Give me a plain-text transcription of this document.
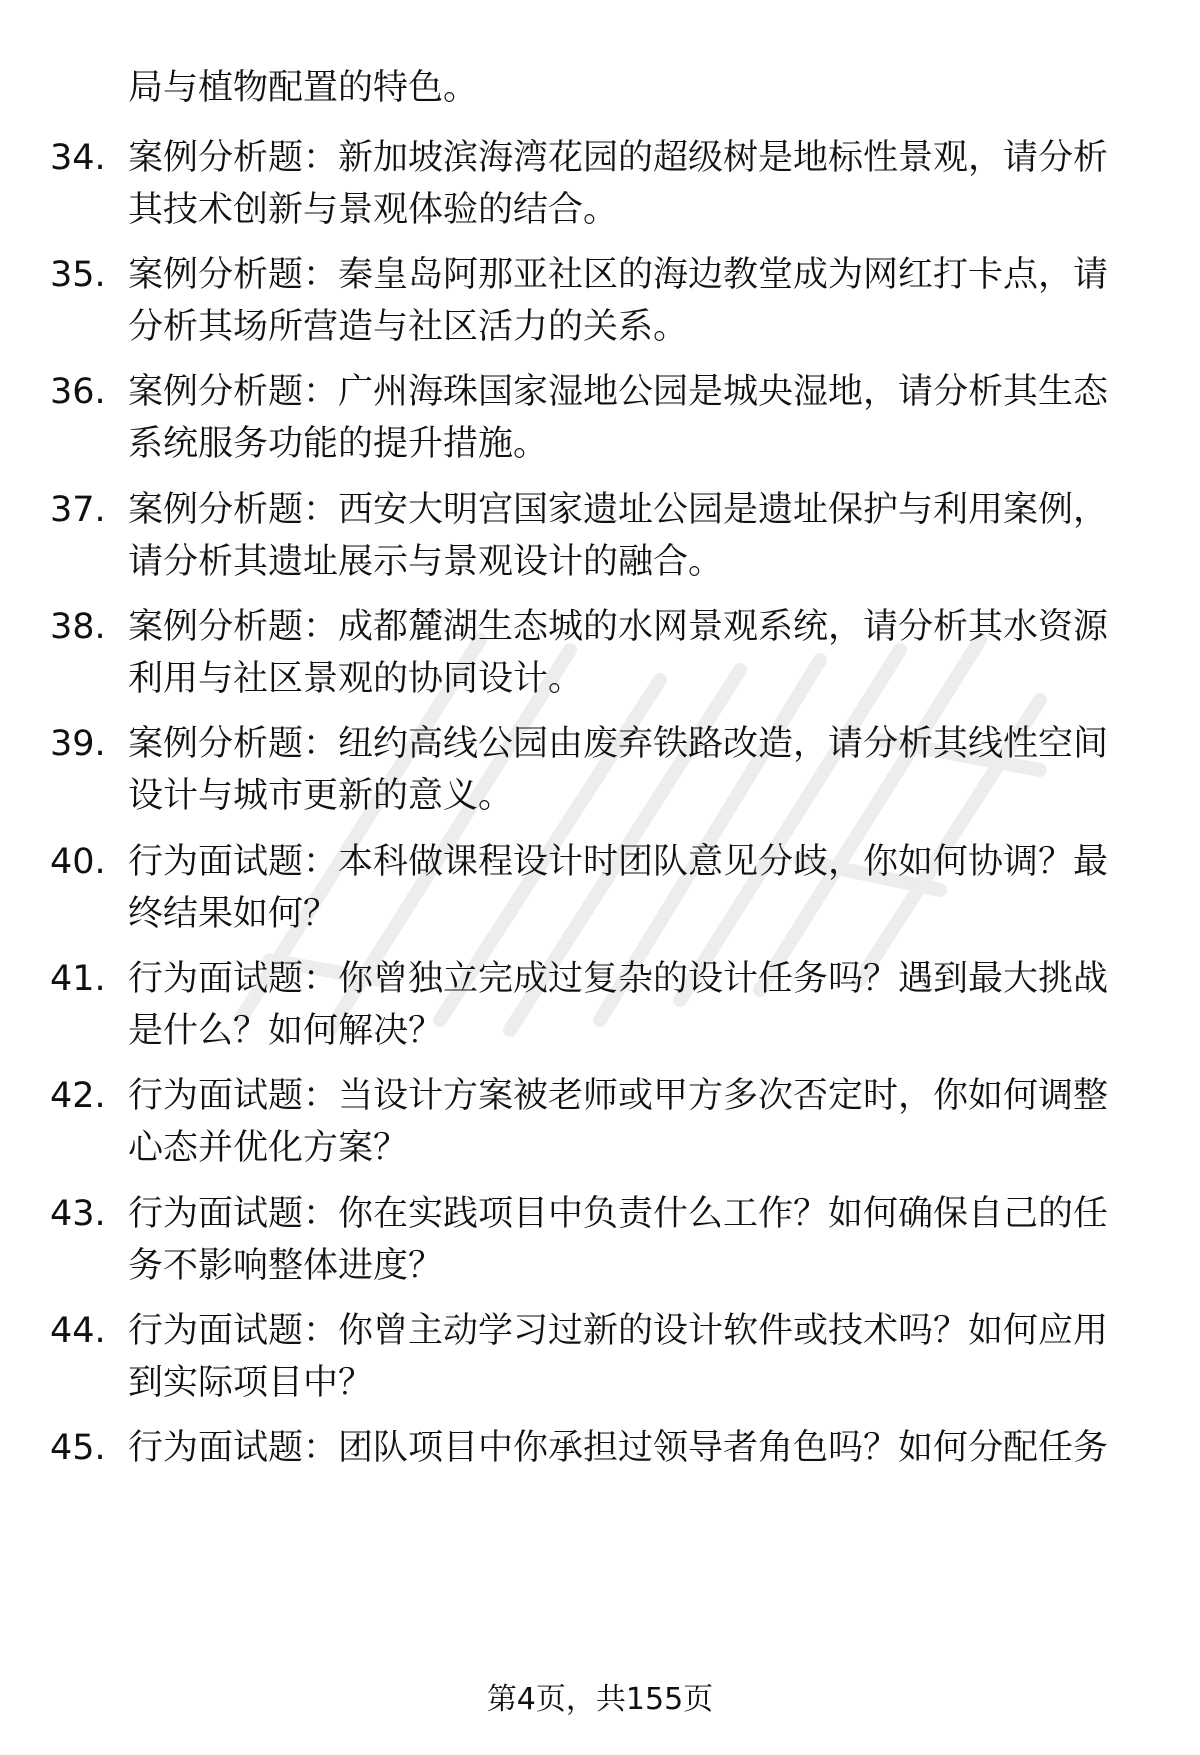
局与植物配置的特色。

34. 案例分析题：新加坡滨海湾花园的超级树是地标性景观，请分析
其技术创新与景观体验的结合。

35. 案例分析题：秦皇岛阿那亚社区的海边教堂成为网红打卡点，请
分析其场所营造与社区活力的关系。

36. 案例分析题：广州海珠国家湿地公园是城央湿地，请分析其生态
系统服务功能的提升措施。

37. 案例分析题：西安大明宫国家遗址公园是遗址保护与利用案例，
请分析其遗址展示与景观设计的融合。

38. 案例分析题：成都麓湖生态城的水网景观系统，请分析其水资源
利用与社区景观的协同设计。

39. 案例分析题：纽约高线公园由废弃铁路改造，请分析其线性空间
设计与城市更新的意义。

40. 行为面试题：本科做课程设计时团队意见分歧，你如何协调？最
终结果如何？

41. 行为面试题：你曾独立完成过复杂的设计任务吗？遇到最大挑战
是什么？如何解决？

42. 行为面试题：当设计方案被老师或甲方多次否定时，你如何调整
心态并优化方案？

43. 行为面试题：你在实践项目中负责什么工作？如何确保自己的任
务不影响整体进度？

44. 行为面试题：你曾主动学习过新的设计软件或技术吗？如何应用
到实际项目中？

45. 行为面试题：团队项目中你承担过领导者角色吗？如何分配任务

第4页，共155页
